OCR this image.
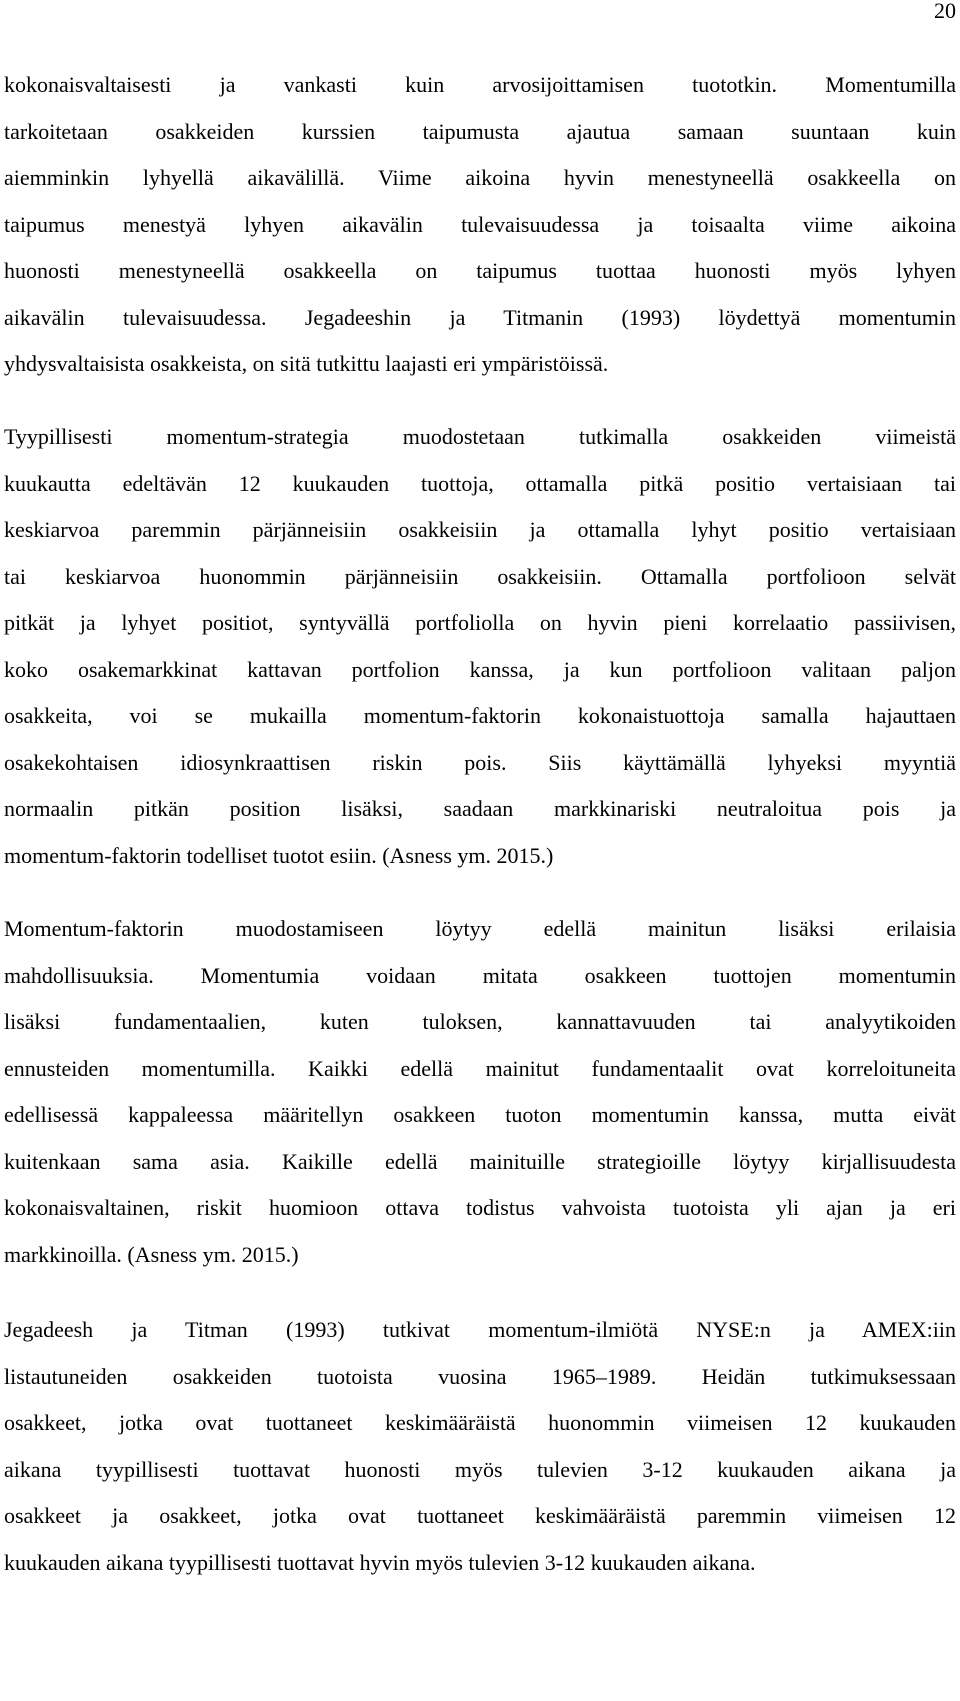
20
kokonaisvaltaisesti ja vankasti kuin arvosijoittamisen tuototkin. Momentumilla
tarkoitetaan osakkeiden kurssien taipumusta ajautua samaan suuntaan kuin
aiemminkin lyhyellä aikavälillä. Viime aikoina hyvin menestyneellä osakkeella on
taipumus menestyä lyhyen aikavälin tulevaisuudessa ja toisaalta viime aikoina
huonosti menestyneellä osakkeella on taipumus tuottaa huonosti myös lyhyen
aikavälin tulevaisuudessa. Jegadeeshin ja Titmanin (1993) löydettyä momentumin
yhdysvaltaisista osakkeista, on sitä tutkittu laajasti eri ympäristöissä.
Tyypillisesti momentum-strategia muodostetaan tutkimalla osakkeiden viimeistä
kuukautta edeltävän 12 kuukauden tuottoja, ottamalla pitkä positio vertaisiaan tai
keskiarvoa paremmin pärjänneisiin osakkeisiin ja ottamalla lyhyt positio vertaisiaan
tai keskiarvoa huonommin pärjänneisiin osakkeisiin. Ottamalla portfolioon selvät
pitkät ja lyhyet positiot, syntyvällä portfoliolla on hyvin pieni korrelaatio passiivisen,
koko osakemarkkinat kattavan portfolion kanssa, ja kun portfolioon valitaan paljon
osakkeita, voi se mukailla momentum-faktorin kokonaistuottoja samalla hajauttaen
osakekohtaisen idiosynkraattisen riskin pois. Siis käyttämällä lyhyeksi myyntiä
normaalin pitkän position lisäksi, saadaan markkinariski neutraloitua pois ja
momentum-faktorin todelliset tuotot esiin. (Asness ym. 2015.)
Momentum-faktorin muodostamiseen löytyy edellä mainitun lisäksi erilaisia
mahdollisuuksia. Momentumia voidaan mitata osakkeen tuottojen momentumin
lisäksi fundamentaalien, kuten tuloksen, kannattavuuden tai analyytikoiden
ennusteiden momentumilla. Kaikki edellä mainitut fundamentaalit ovat korreloituneita
edellisessä kappaleessa määritellyn osakkeen tuoton momentumin kanssa, mutta eivät
kuitenkaan sama asia. Kaikille edellä mainituille strategioille löytyy kirjallisuudesta
kokonaisvaltainen, riskit huomioon ottava todistus vahvoista tuotoista yli ajan ja eri
markkinoilla. (Asness ym. 2015.)
Jegadeesh ja Titman (1993) tutkivat momentum-ilmiötä NYSE:n ja AMEX:iin
listautuneiden osakkeiden tuotoista vuosina 1965–1989. Heidän tutkimuksessaan
osakkeet, jotka ovat tuottaneet keskimääräistä huonommin viimeisen 12 kuukauden
aikana tyypillisesti tuottavat huonosti myös tulevien 3-12 kuukauden aikana ja
osakkeet ja osakkeet, jotka ovat tuottaneet keskimääräistä paremmin viimeisen 12
kuukauden aikana tyypillisesti tuottavat hyvin myös tulevien 3-12 kuukauden aikana.
